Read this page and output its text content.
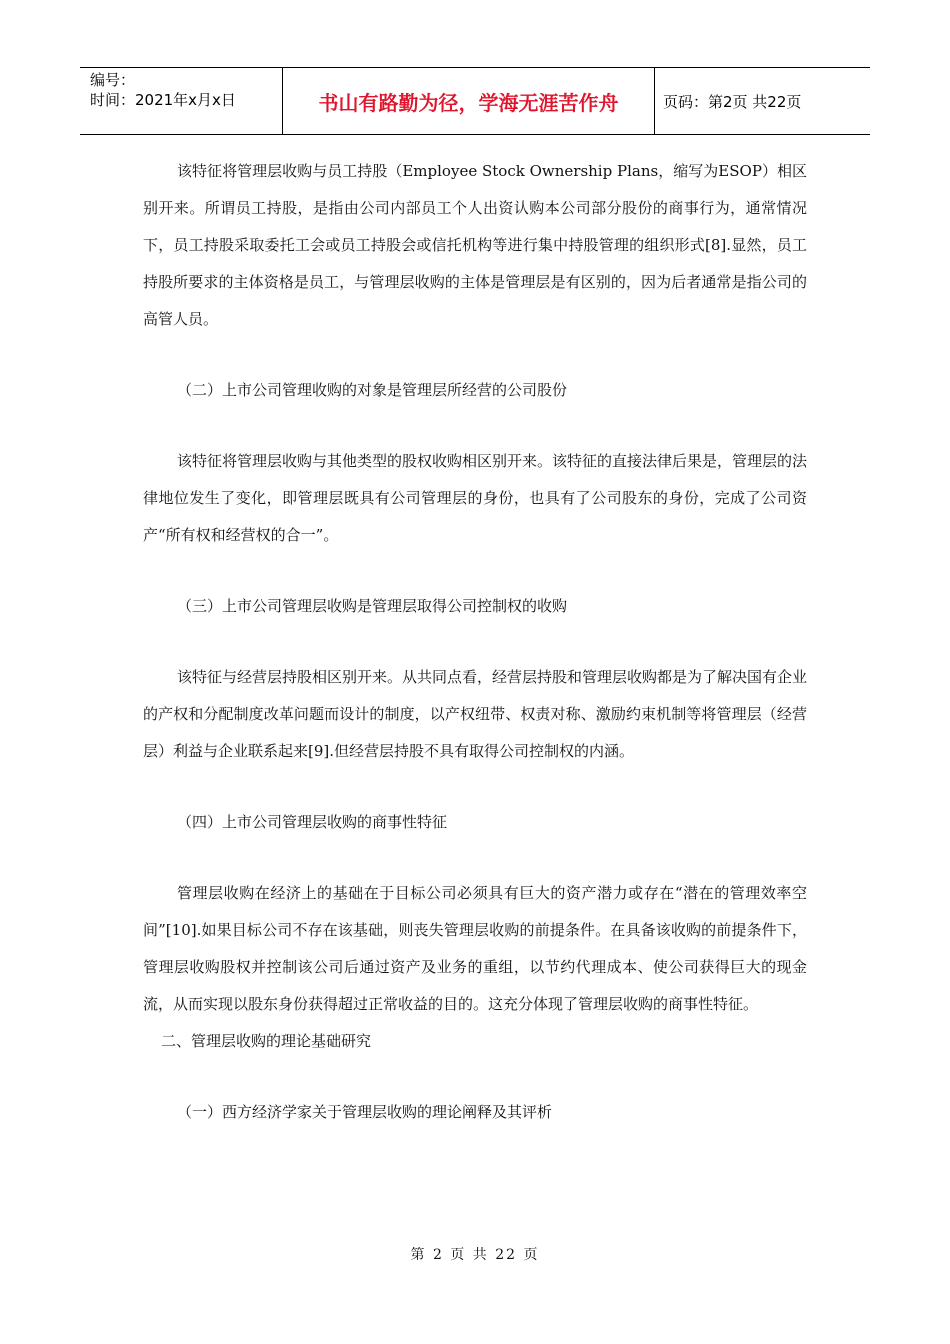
编号：
时间：2021年x月x日	书山有路勤为径，学海无涯苦作舟	页码：第2页 共22页

该特征将管理层收购与员工持股（Employee Stock Ownership Plans，缩写为ESOP）相区别开来。所谓员工持股，是指由公司内部员工个人出资认购本公司部分股份的商事行为，通常情况下，员工持股采取委托工会或员工持股会或信托机构等进行集中持股管理的组织形式[8].显然，员工持股所要求的主体资格是员工，与管理层收购的主体是管理层是有区别的，因为后者通常是指公司的高管人员。

（二）上市公司管理收购的对象是管理层所经营的公司股份

该特征将管理层收购与其他类型的股权收购相区别开来。该特征的直接法律后果是，管理层的法律地位发生了变化，即管理层既具有公司管理层的身份，也具有了公司股东的身份，完成了公司资产“所有权和经营权的合一”。

（三）上市公司管理层收购是管理层取得公司控制权的收购

该特征与经营层持股相区别开来。从共同点看，经营层持股和管理层收购都是为了解决国有企业的产权和分配制度改革问题而设计的制度，以产权纽带、权责对称、激励约束机制等将管理层（经营层）利益与企业联系起来[9].但经营层持股不具有取得公司控制权的内涵。

（四）上市公司管理层收购的商事性特征

管理层收购在经济上的基础在于目标公司必须具有巨大的资产潜力或存在“潜在的管理效率空间”[10].如果目标公司不存在该基础，则丧失管理层收购的前提条件。在具备该收购的前提条件下，管理层收购股权并控制该公司后通过资产及业务的重组，以节约代理成本、使公司获得巨大的现金流，从而实现以股东身份获得超过正常收益的目的。这充分体现了管理层收购的商事性特征。

二、管理层收购的理论基础研究

（一）西方经济学家关于管理层收购的理论阐释及其评析

第 2 页 共 22 页
